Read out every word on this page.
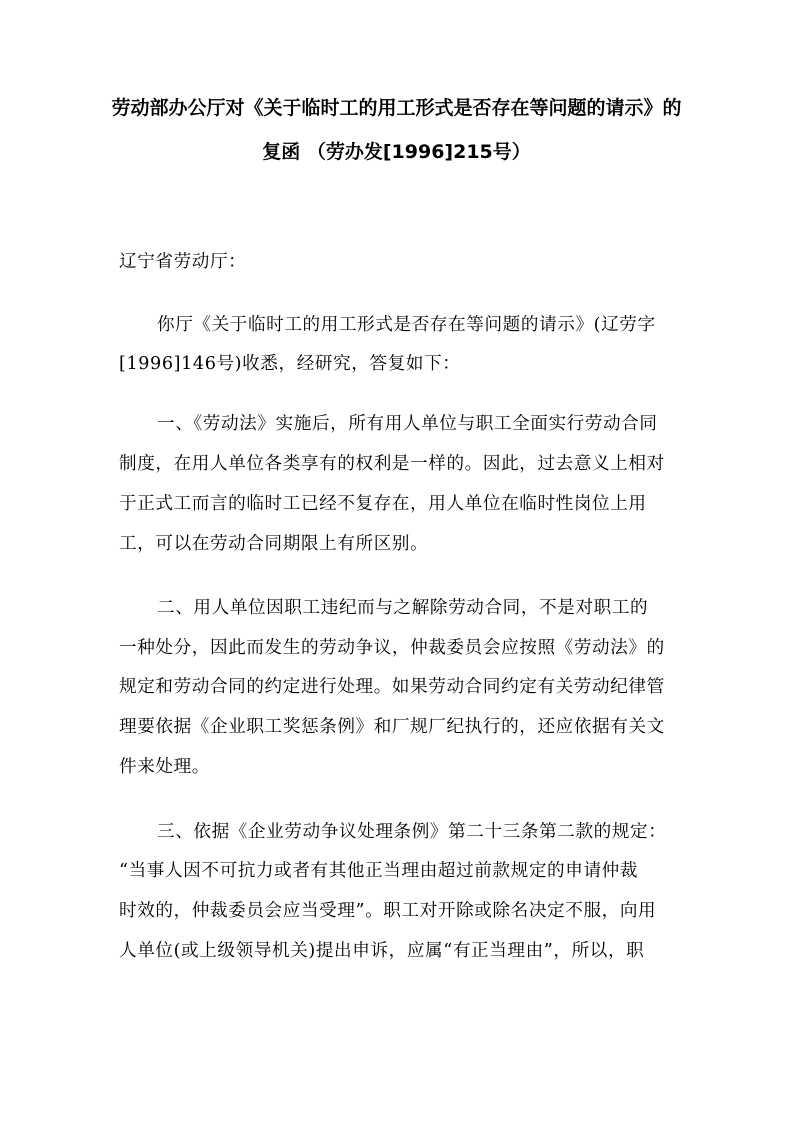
劳动部办公厅对《关于临时工的用工形式是否存在等问题的请示》的
复函 （劳办发[1996]215号）
辽宁省劳动厅：
你厅《关于临时工的用工形式是否存在等问题的请示》(辽劳字
[1996]146号)收悉，经研究，答复如下：
一、《劳动法》实施后，所有用人单位与职工全面实行劳动合同
制度，在用人单位各类享有的权利是一样的。因此，过去意义上相对
于正式工而言的临时工已经不复存在，用人单位在临时性岗位上用
工，可以在劳动合同期限上有所区别。
二、用人单位因职工违纪而与之解除劳动合同，不是对职工的
一种处分，因此而发生的劳动争议，仲裁委员会应按照《劳动法》的
规定和劳动合同的约定进行处理。如果劳动合同约定有关劳动纪律管
理要依据《企业职工奖惩条例》和厂规厂纪执行的，还应依据有关文
件来处理。
三、依据《企业劳动争议处理条例》第二十三条第二款的规定：
“当事人因不可抗力或者有其他正当理由超过前款规定的申请仲裁
时效的，仲裁委员会应当受理”。职工对开除或除名决定不服，向用
人单位(或上级领导机关)提出申诉，应属“有正当理由”，所以，职
